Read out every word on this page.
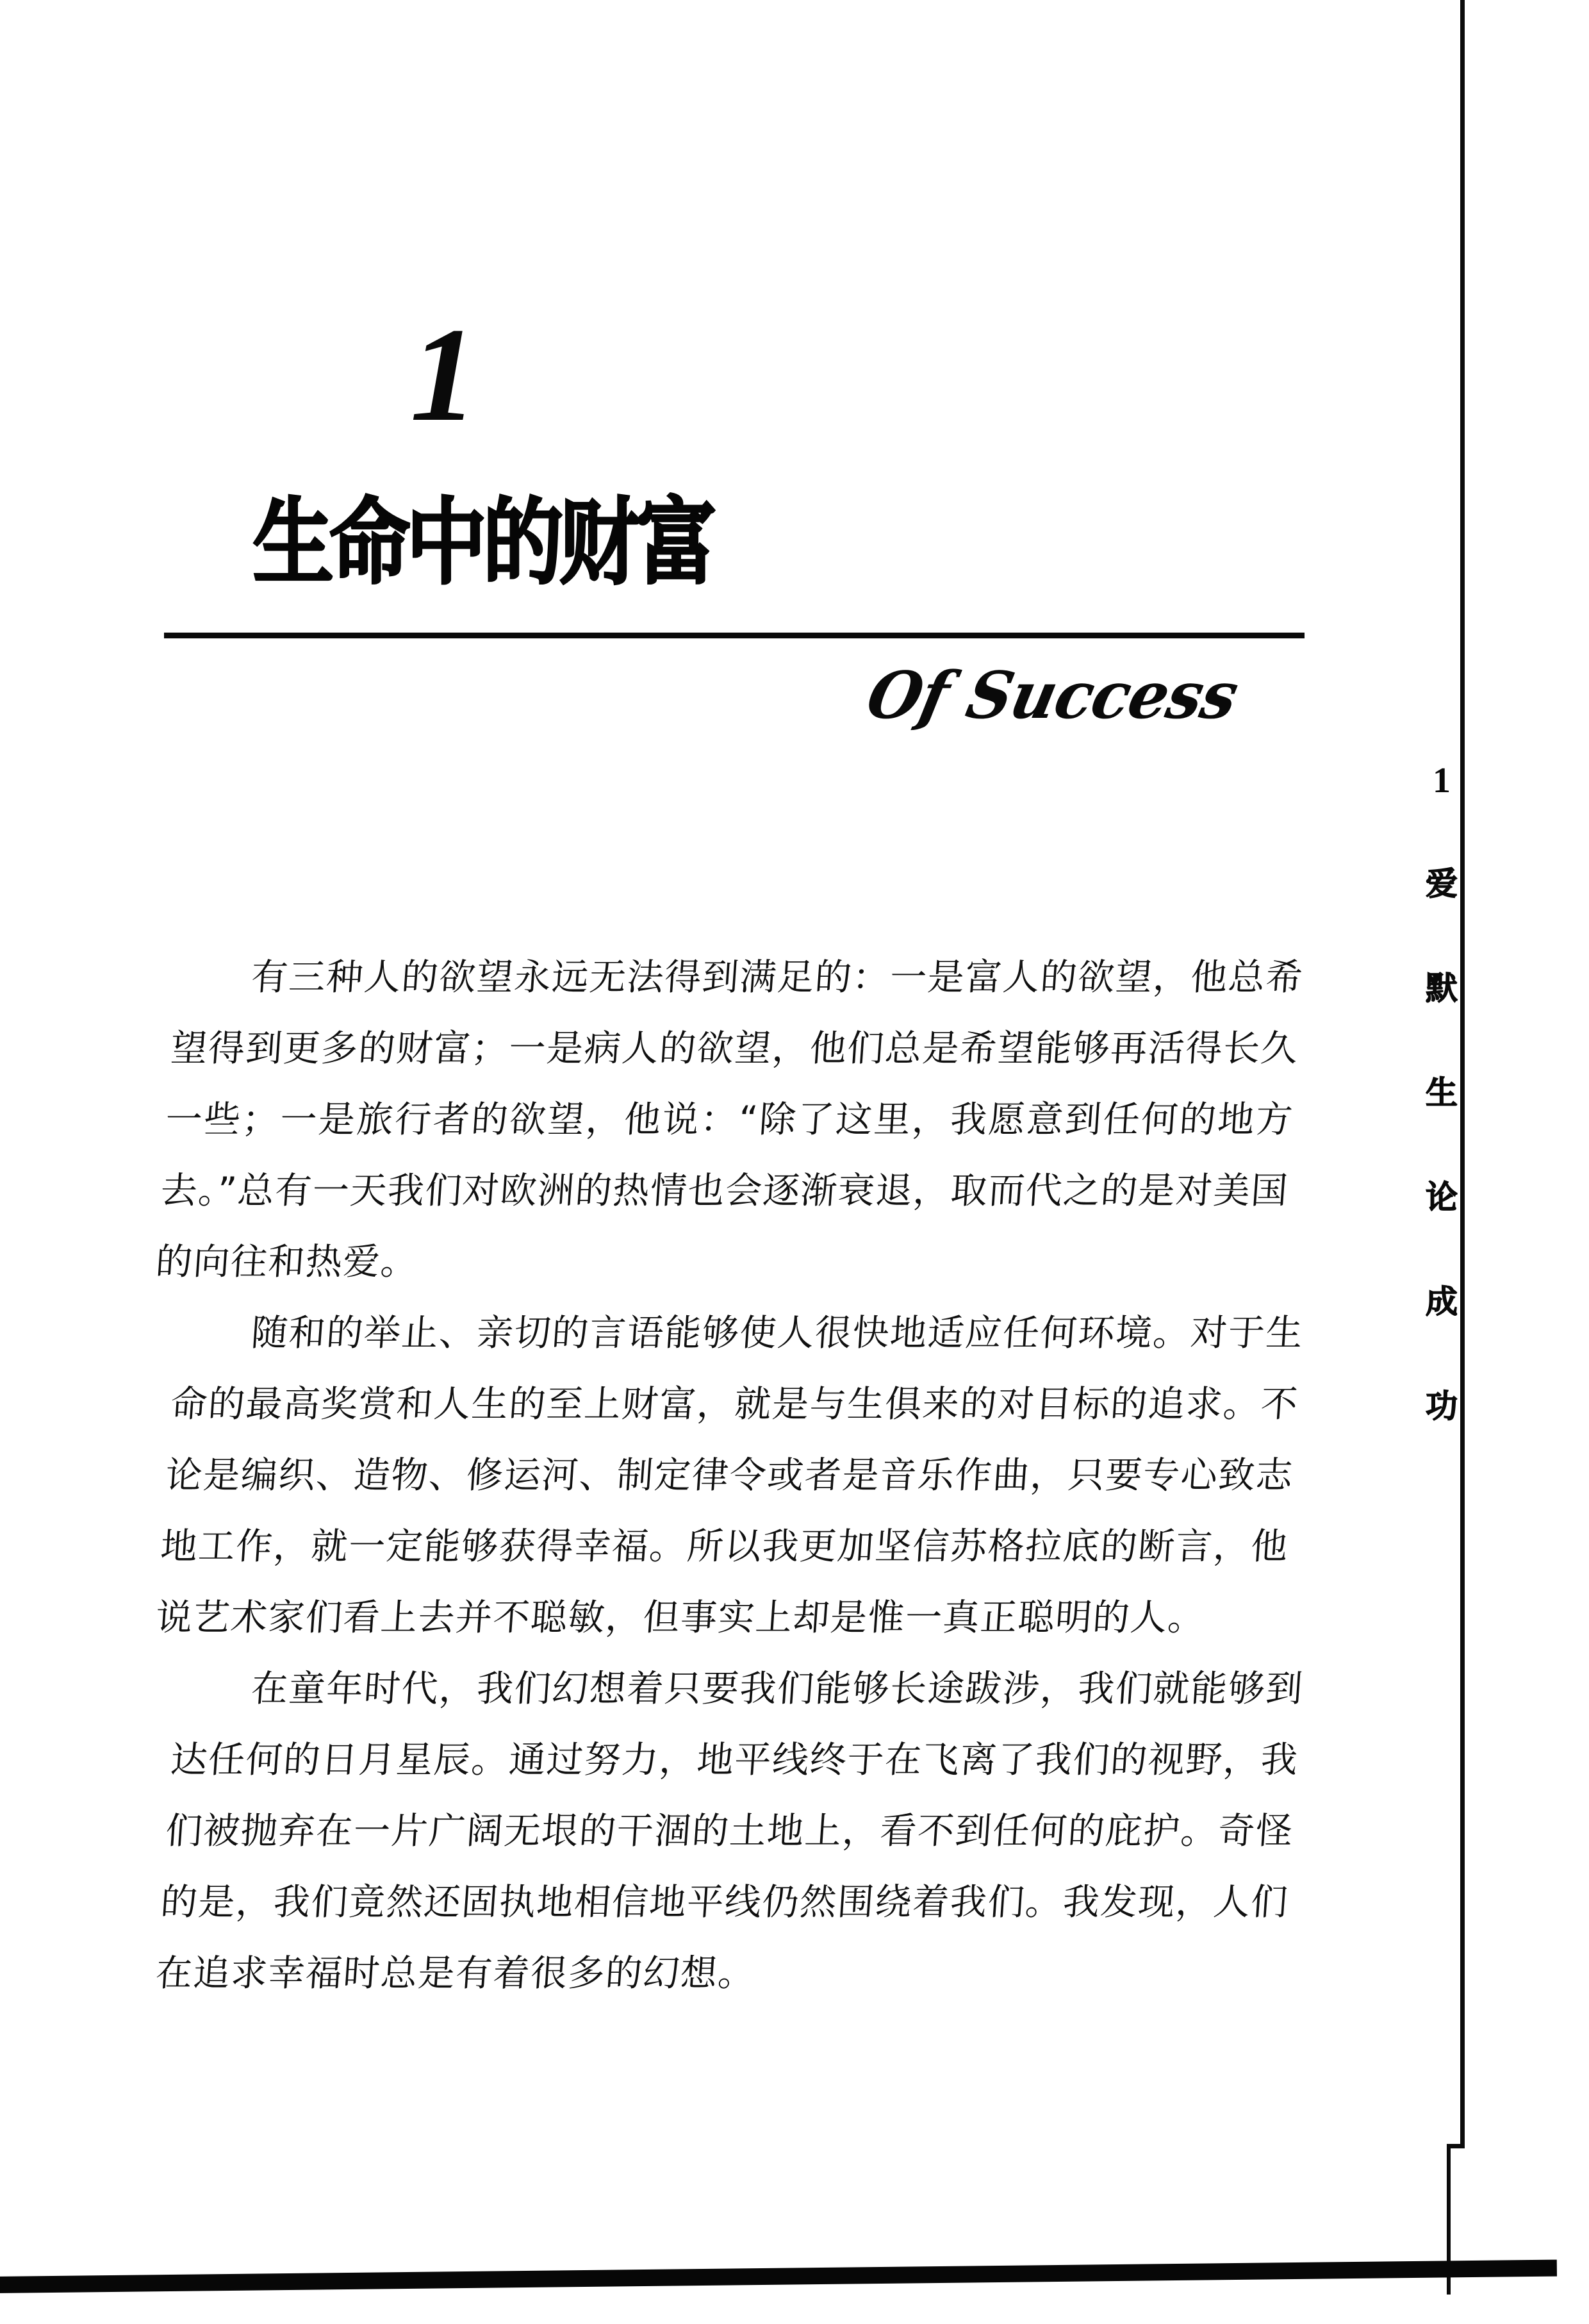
1
生命中的财富
Of Success

有三种人的欲望永远无法得到满足的：一是富人的欲望，他总希望得到更多的财富；一是病人的欲望，他们总是希望能够再活得长久一些；一是旅行者的欲望，他说：“除了这里，我愿意到任何的地方去。”总有一天我们对欧洲的热情也会逐渐衰退，取而代之的是对美国的向往和热爱。

随和的举止、亲切的言语能够使人很快地适应任何环境。对于生命的最高奖赏和人生的至上财富，就是与生俱来的对目标的追求。不论是编织、造物、修运河、制定律令或者是音乐作曲，只要专心致志地工作，就一定能够获得幸福。所以我更加坚信苏格拉底的断言，他说艺术家们看上去并不聪敏，但事实上却是惟一真正聪明的人。

在童年时代，我们幻想着只要我们能够长途跋涉，我们就能够到达任何的日月星辰。通过努力，地平线终于在飞离了我们的视野，我们被抛弃在一片广阔无垠的干涸的土地上，看不到任何的庇护。奇怪的是，我们竟然还固执地相信地平线仍然围绕着我们。我发现，人们在追求幸福时总是有着很多的幻想。

1
爱
默
生
论
成
功
